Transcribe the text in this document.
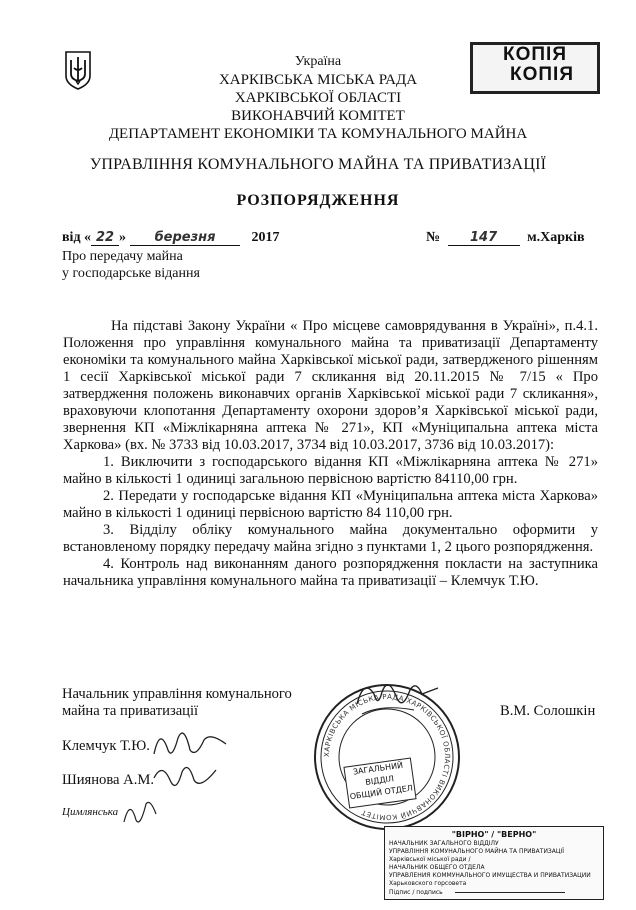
КОПІЯ
КОПІЯ
Україна
ХАРКІВСЬКА МІСЬКА РАДА
ХАРКІВСЬКОЇ ОБЛАСТІ
ВИКОНАВЧИЙ КОМІТЕТ
ДЕПАРТАМЕНТ ЕКОНОМІКИ ТА КОМУНАЛЬНОГО МАЙНА
УПРАВЛІННЯ КОМУНАЛЬНОГО МАЙНА ТА ПРИВАТИЗАЦІЇ
РОЗПОРЯДЖЕННЯ
від « 22 » березня	2017	№ 147 м.Харків
Про передачу майна
у господарське відання

На підставі Закону України « Про місцеве самоврядування в Україні», п.4.1. Положення про управління комунального майна та приватизації Департаменту економіки та комунального майна Харківської міської ради, затвердженого рішенням 1 сесії Харківської міської ради 7 скликання від 20.11.2015 № 7/15 « Про затвердження положень виконавчих органів Харківської міської ради 7 скликання», враховуючи клопотання Департаменту охорони здоров’я Харківської міської ради, звернення КП «Міжлікарняна аптека № 271», КП «Муніципальна аптека міста Харкова» (вх. № 3733 від 10.03.2017, 3734 від 10.03.2017, 3736 від 10.03.2017):

1. Виключити з господарського відання КП «Міжлікарняна аптека № 271» майно в кількості 1 одиниці загальною первісною вартістю 84110,00 грн.

2. Передати у господарське відання КП «Муніципальна аптека міста Харкова» майно в кількості 1 одиниці первісною вартістю 84 110,00 грн.

3. Відділу обліку комунального майна документально оформити у встановленому порядку передачу майна згідно з пунктами 1, 2 цього розпорядження.

4. Контроль над виконанням даного розпорядження покласти на заступника начальника управління комунального майна та приватизації – Клемчук Т.Ю.

Начальник управління комунального
майна та приватизації	В.М. Солошкін
Клемчук Т.Ю.
Шиянова А.М.
Цимлянська
ХАРКІВСЬКА МІСЬКА РАДА ХАРКІВСЬКОЇ ОБЛАСТІ ВИКОНАВЧИЙ КОМІТЕТ
ЗАГАЛЬНИЙ
ВІДДІЛ
ОБЩИЙ ОТДЕЛ
"ВІРНО" / "ВЕРНО"
НАЧАЛЬНИК ЗАГАЛЬНОГО ВІДДІЛУ
УПРАВЛІННЯ КОМУНАЛЬНОГО МАЙНА ТА ПРИВАТИЗАЦІЇ
Харківської міської ради /
НАЧАЛЬНИК ОБЩЕГО ОТДЕЛА
УПРАВЛЕНИЯ КОММУНАЛЬНОГО ИМУЩЕСТВА И ПРИВАТИЗАЦИИ
Харьковского горсовета
Підпис / подпись
